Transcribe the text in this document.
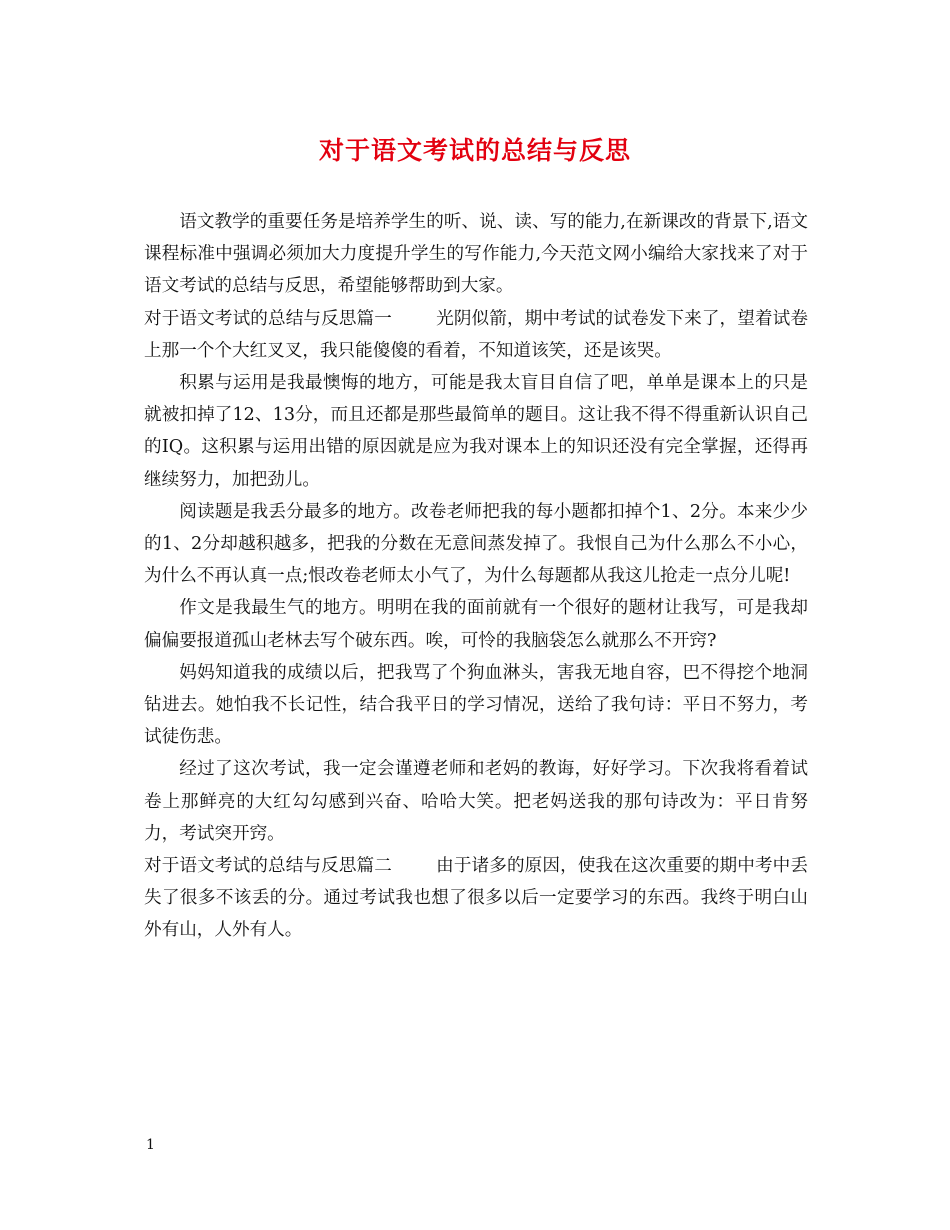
对于语文考试的总结与反思

语文教学的重要任务是培养学生的听、说、读、写的能力,在新课改的背景下,语文课程标准中强调必须加大力度提升学生的写作能力,今天范文网小编给大家找来了对于语文考试的总结与反思，希望能够帮助到大家。

对于语文考试的总结与反思篇一	光阴似箭，期中考试的试卷发下来了，望着试卷上那一个个大红叉叉，我只能傻傻的看着，不知道该笑，还是该哭。

积累与运用是我最懊悔的地方，可能是我太盲目自信了吧，单单是课本上的只是就被扣掉了12、13分，而且还都是那些最简单的题目。这让我不得不得重新认识自己的IQ。这积累与运用出错的原因就是应为我对课本上的知识还没有完全掌握，还得再继续努力，加把劲儿。

阅读题是我丢分最多的地方。改卷老师把我的每小题都扣掉个1、2分。本来少少的1、2分却越积越多，把我的分数在无意间蒸发掉了。我恨自己为什么那么不小心，为什么不再认真一点;恨改卷老师太小气了，为什么每题都从我这儿抢走一点分儿呢!

作文是我最生气的地方。明明在我的面前就有一个很好的题材让我写，可是我却偏偏要报道孤山老林去写个破东西。唉，可怜的我脑袋怎么就那么不开窍?

妈妈知道我的成绩以后，把我骂了个狗血淋头，害我无地自容，巴不得挖个地洞钻进去。她怕我不长记性，结合我平日的学习情况，送给了我句诗：平日不努力，考试徒伤悲。

经过了这次考试，我一定会谨遵老师和老妈的教诲，好好学习。下次我将看着试卷上那鲜亮的大红勾勾感到兴奋、哈哈大笑。把老妈送我的那句诗改为：平日肯努力，考试突开窍。

对于语文考试的总结与反思篇二	由于诸多的原因，使我在这次重要的期中考中丢失了很多不该丢的分。通过考试我也想了很多以后一定要学习的东西。我终于明白山外有山，人外有人。

1
